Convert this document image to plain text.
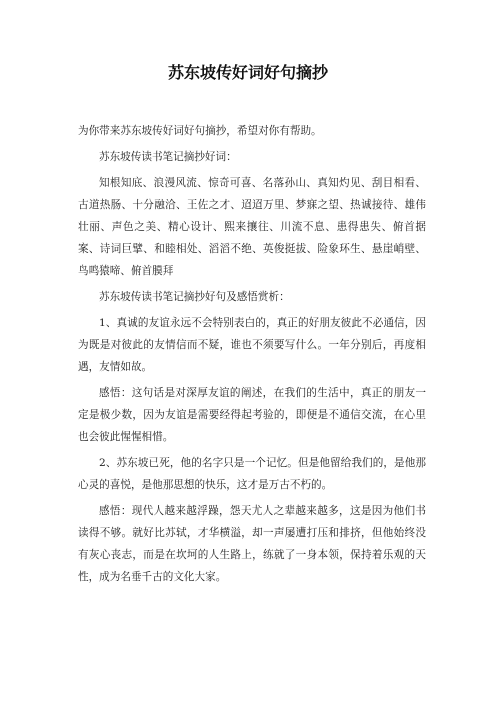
苏东坡传好词好句摘抄

为你带来苏东坡传好词好句摘抄，希望对你有帮助。

苏东坡传读书笔记摘抄好词：

知根知底、浪漫风流、惊奇可喜、名落孙山、真知灼见、刮目相看、古道热肠、十分融洽、王佐之才、迢迢万里、梦寐之望、热诚接待、雄伟壮丽、声色之美、精心设计、熙来攘往、川流不息、患得患失、俯首据案、诗词巨擘、和睦相处、滔滔不绝、英俊挺拔、险象环生、悬崖峭壁、鸟鸣猿啼、俯首膜拜

苏东坡传读书笔记摘抄好句及感悟赏析：

1、真诚的友谊永远不会特别表白的，真正的好朋友彼此不必通信，因为既是对彼此的友情信而不疑，谁也不须要写什么。一年分别后，再度相遇，友情如故。

感悟：这句话是对深厚友谊的阐述，在我们的生活中，真正的朋友一定是极少数，因为友谊是需要经得起考验的，即便是不通信交流，在心里也会彼此惺惺相惜。

2、苏东坡已死，他的名字只是一个记忆。但是他留给我们的，是他那心灵的喜悦，是他那思想的快乐，这才是万古不朽的。

感悟：现代人越来越浮躁，怨天尤人之辈越来越多，这是因为他们书读得不够。就好比苏轼，才华横溢，却一声屡遭打压和排挤，但他始终没有灰心丧志，而是在坎坷的人生路上，练就了一身本领，保持着乐观的天性，成为名垂千古的文化大家。
